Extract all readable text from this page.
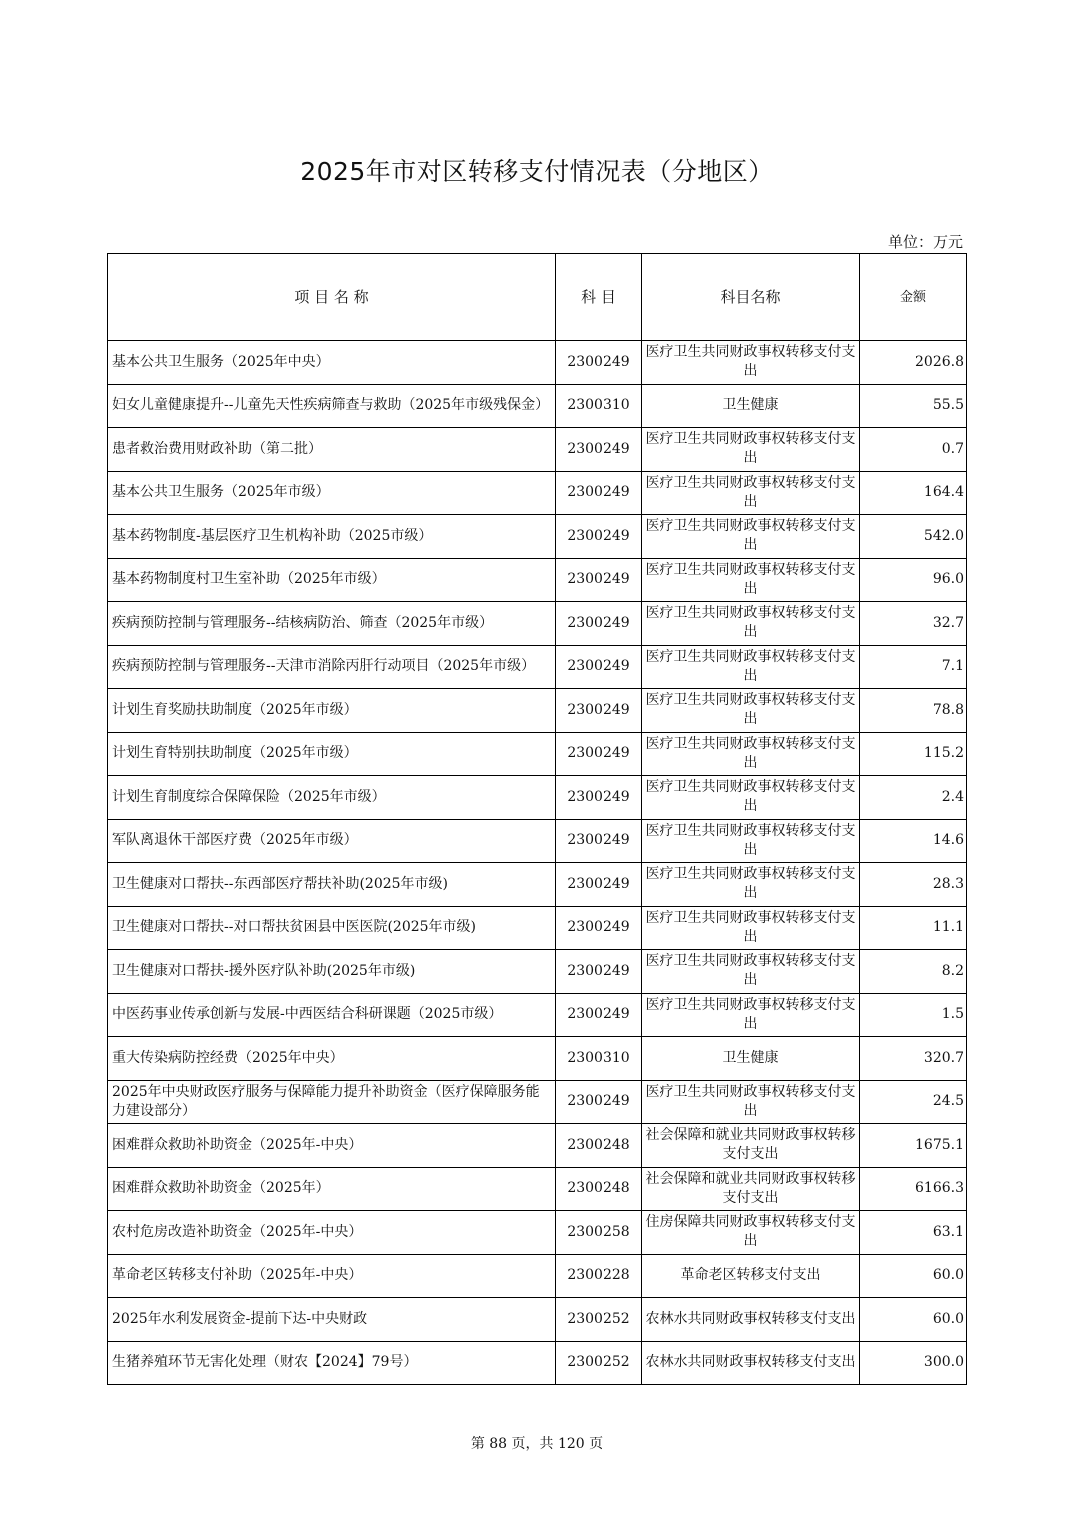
2025年市对区转移支付情况表（分地区）
单位：万元
项 目 名 称	科 目	科目名称	金额
基本公共卫生服务（2025年中央）	2300249	医疗卫生共同财政事权转移支付支出	2026.8
妇女儿童健康提升--儿童先天性疾病筛查与救助（2025年市级残保金）	2300310	卫生健康	55.5
患者救治费用财政补助（第二批）	2300249	医疗卫生共同财政事权转移支付支出	0.7
基本公共卫生服务（2025年市级）	2300249	医疗卫生共同财政事权转移支付支出	164.4
基本药物制度-基层医疗卫生机构补助（2025市级）	2300249	医疗卫生共同财政事权转移支付支出	542.0
基本药物制度村卫生室补助（2025年市级）	2300249	医疗卫生共同财政事权转移支付支出	96.0
疾病预防控制与管理服务--结核病防治、筛查（2025年市级）	2300249	医疗卫生共同财政事权转移支付支出	32.7
疾病预防控制与管理服务--天津市消除丙肝行动项目（2025年市级）	2300249	医疗卫生共同财政事权转移支付支出	7.1
计划生育奖励扶助制度（2025年市级）	2300249	医疗卫生共同财政事权转移支付支出	78.8
计划生育特别扶助制度（2025年市级）	2300249	医疗卫生共同财政事权转移支付支出	115.2
计划生育制度综合保障保险（2025年市级）	2300249	医疗卫生共同财政事权转移支付支出	2.4
军队离退休干部医疗费（2025年市级）	2300249	医疗卫生共同财政事权转移支付支出	14.6
卫生健康对口帮扶--东西部医疗帮扶补助(2025年市级)	2300249	医疗卫生共同财政事权转移支付支出	28.3
卫生健康对口帮扶--对口帮扶贫困县中医医院(2025年市级)	2300249	医疗卫生共同财政事权转移支付支出	11.1
卫生健康对口帮扶-援外医疗队补助(2025年市级)	2300249	医疗卫生共同财政事权转移支付支出	8.2
中医药事业传承创新与发展-中西医结合科研课题（2025市级）	2300249	医疗卫生共同财政事权转移支付支出	1.5
重大传染病防控经费（2025年中央）	2300310	卫生健康	320.7
2025年中央财政医疗服务与保障能力提升补助资金（医疗保障服务能力建设部分）	2300249	医疗卫生共同财政事权转移支付支出	24.5
困难群众救助补助资金（2025年-中央）	2300248	社会保障和就业共同财政事权转移支付支出	1675.1
困难群众救助补助资金（2025年）	2300248	社会保障和就业共同财政事权转移支付支出	6166.3
农村危房改造补助资金（2025年-中央）	2300258	住房保障共同财政事权转移支付支出	63.1
革命老区转移支付补助（2025年-中央）	2300228	革命老区转移支付支出	60.0
2025年水利发展资金-提前下达-中央财政	2300252	农林水共同财政事权转移支付支出	60.0
生猪养殖环节无害化处理（财农【2024】79号）	2300252	农林水共同财政事权转移支付支出	300.0
第 88 页，共 120 页
